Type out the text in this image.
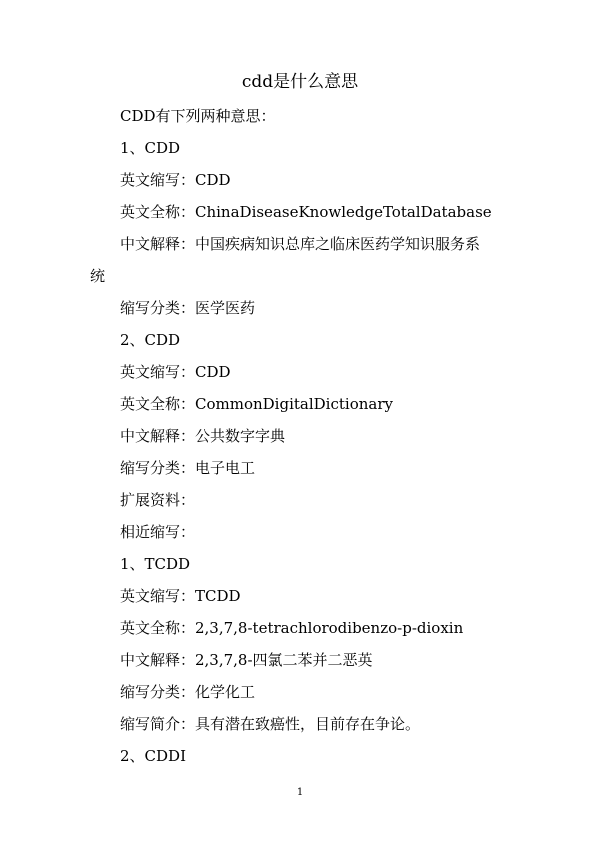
cdd是什么意思
CDD有下列两种意思：
1、CDD
英文缩写：CDD
英文全称：ChinaDiseaseKnowledgeTotalDatabase
中文解释：中国疾病知识总库之临床医药学知识服务系
统
缩写分类：医学医药
2、CDD
英文缩写：CDD
英文全称：CommonDigitalDictionary
中文解释：公共数字字典
缩写分类：电子电工
扩展资料：
相近缩写：
1、TCDD
英文缩写：TCDD
英文全称：2,3,7,8-tetrachlorodibenzo-p-dioxin
中文解释：2,3,7,8-四氯二苯并二恶英
缩写分类：化学化工
缩写简介：具有潜在致癌性，目前存在争论。
2、CDDI
1
